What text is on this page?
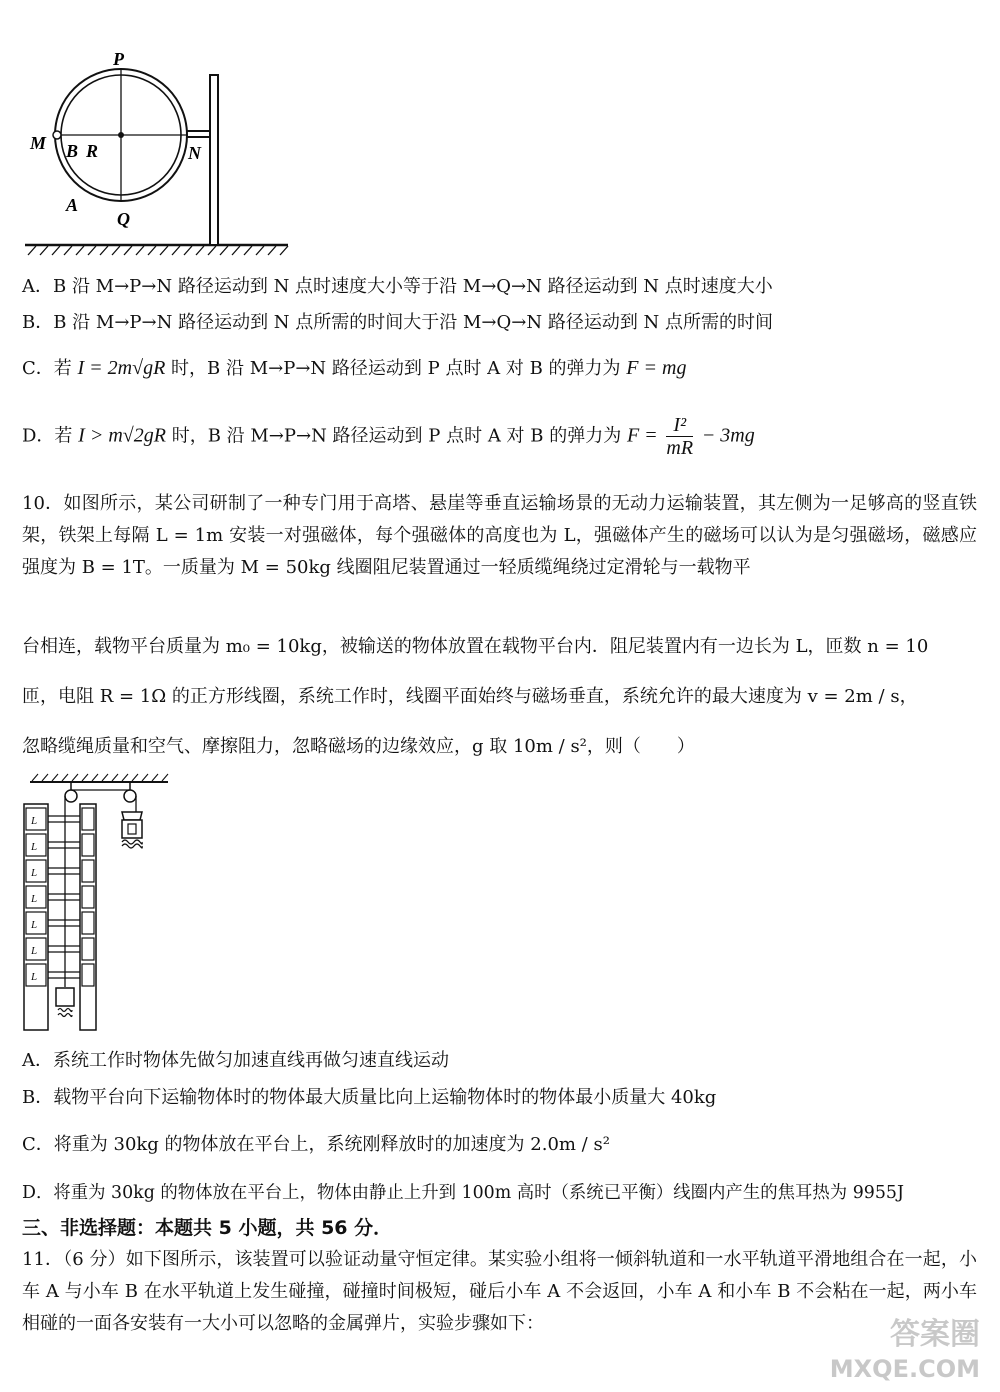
P
M B R	N
A
Q
A．B 沿 M→P→N 路径运动到 N 点时速度大小等于沿 M→Q→N 路径运动到 N 点时速度大小
B．B 沿 M→P→N 路径运动到 N 点所需的时间大于沿 M→Q→N 路径运动到 N 点所需的时间
C．若 I = 2m√gR 时，B 沿 M→P→N 路径运动到 P 点时 A 对 B 的弹力为 F = mg
D．若 I > m√2gR 时，B 沿 M→P→N 路径运动到 P 点时 A 对 B 的弹力为 $F = \frac{\text{I²}}{mR} - 3mg$
10．如图所示，某公司研制了一种专门用于高塔、悬崖等垂直运输场景的无动力运输装置，其左侧为一足够高的竖直铁架，铁架上每隔 L = 1m 安装一对强磁体，每个强磁体的高度也为 L，强磁体产生的磁场可以认为是匀强磁场，磁感应强度为 B = 1T。一质量为 M = 50kg 线圈阻尼装置通过一轻质缆绳绕过定滑轮与一载物平
台相连，载物平台质量为 m₀ = 10kg，被输送的物体放置在载物平台内．阻尼装置内有一边长为 L，匝数 n = 10
匝，电阻 R = 1Ω 的正方形线圈，系统工作时，线圈平面始终与磁场垂直，系统允许的最大速度为 v = 2m / s，
忽略缆绳质量和空气、摩擦阻力，忽略磁场的边缘效应，g 取 10m / s²，则（　　）
L
L
L
L
L
L
L
A．系统工作时物体先做匀加速直线再做匀速直线运动
B．载物平台向下运输物体时的物体最大质量比向上运输物体时的物体最小质量大 40kg
C．将重为 30kg 的物体放在平台上，系统刚释放时的加速度为 2.0m / s²
D．将重为 30kg 的物体放在平台上，物体由静止上升到 100m 高时（系统已平衡）线圈内产生的焦耳热为 9955J
三、非选择题：本题共 5 小题，共 56 分．
11．（6 分）如下图所示，该装置可以验证动量守恒定律。某实验小组将一倾斜轨道和一水平轨道平滑地组合在一起，小车 A 与小车 B 在水平轨道上发生碰撞，碰撞时间极短，碰后小车 A 不会返回，小车 A 和小车 B 不会粘在一起，两小车相碰的一面各安装有一大小可以忽略的金属弹片，实验步骤如下：	答案圈
MXQE.COM
